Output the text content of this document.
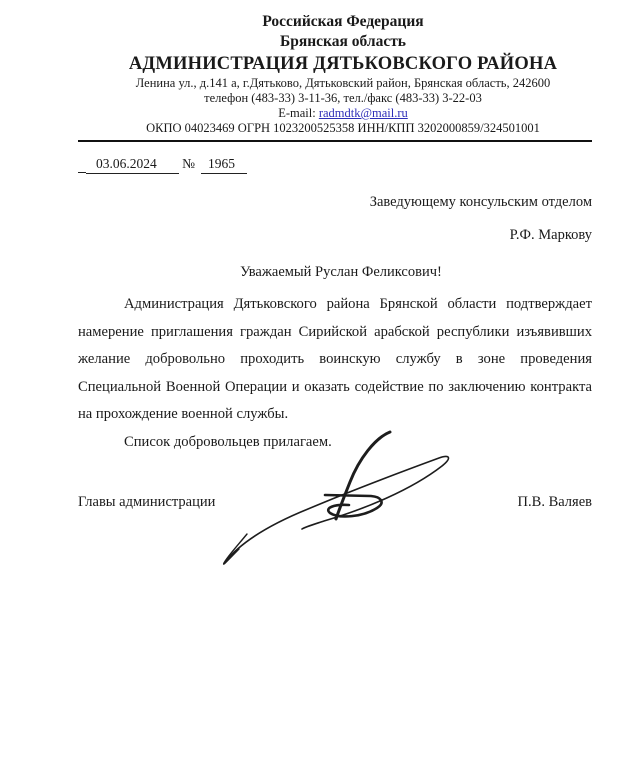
Российская Федерация
Брянская область
АДМИНИСТРАЦИЯ ДЯТЬКОВСКОГО РАЙОНА
Ленина ул., д.141 а, г.Дятьково, Дятьковский район, Брянская область, 242600
телефон (483-33) 3-11-36, тел./факс (483-33) 3-22-03
E-mail: radmdtk@mail.ru
ОКПО 04023469 ОГРН 1023200525358 ИНН/КПП 3202000859/324501001
03.06.2024 № 1965
Заведующему консульским отделом
Р.Ф. Маркову
Уважаемый Руслан Феликсович!

Администрация Дятьковского района Брянской области подтверждает намерение приглашения граждан Сирийской арабской республики изъявивших желание добровольно проходить воинскую службу в зоне проведения Специальной Военной Операции и оказать содействие по заключению контракта на прохождение военной службы.

Список добровольцев прилагаем.

Главы администрации	П.В. Валяев
